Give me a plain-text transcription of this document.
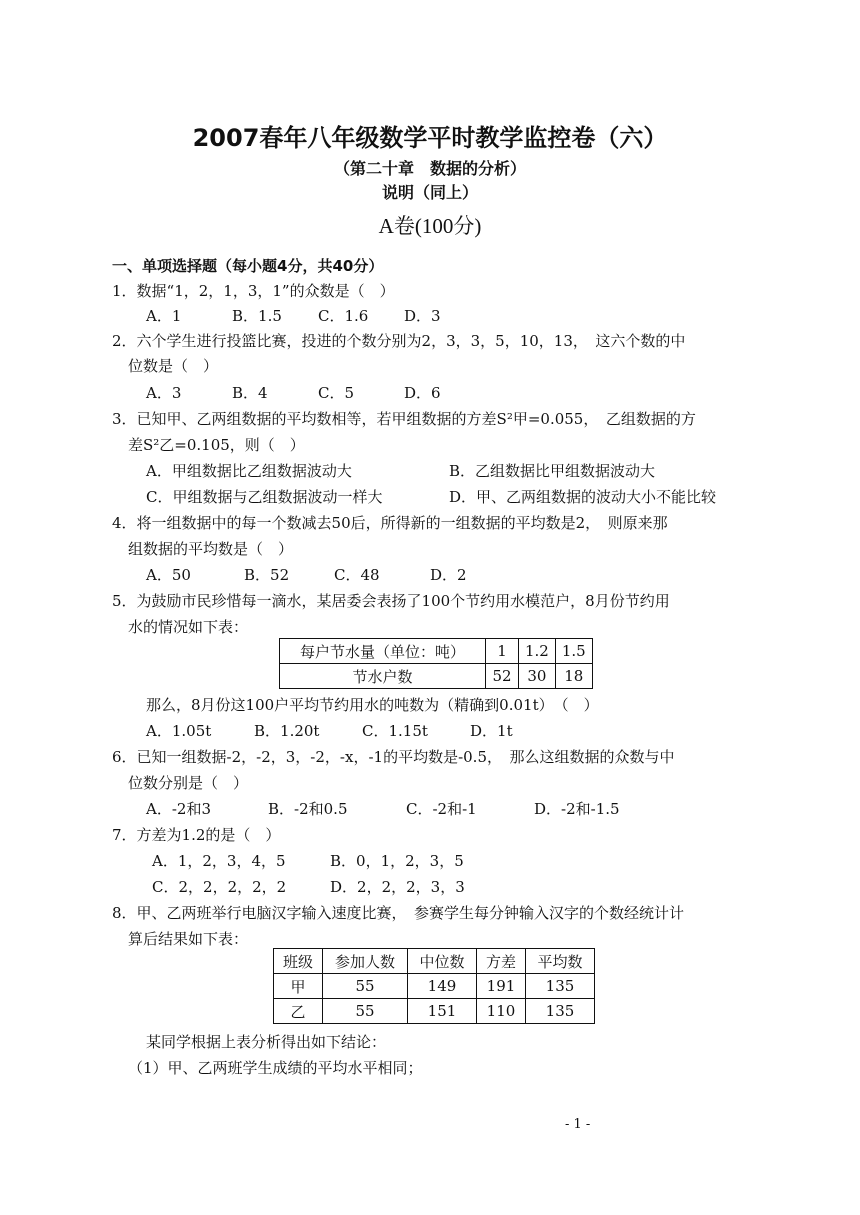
2007春年八年级数学平时教学监控卷（六）
（第二十章　数据的分析）
说明（同上）
A卷(100分)
一、单项选择题（每小题4分，共40分）
1．数据“1，2，1，3，1”的众数是（　）
A．1	B．1.5 C．1.6 D．3
2．六个学生进行投篮比赛，投进的个数分别为2，3，3，5，10，13，　这六个数的中
位数是（　）
A．3	B．4	C．5	D．6
3．已知甲、乙两组数据的平均数相等，若甲组数据的方差S²甲=0.055，　乙组数据的方
差S²乙=0.105，则（　）
A．甲组数据比乙组数据波动大	B．乙组数据比甲组数据波动大
C．甲组数据与乙组数据波动一样大	D．甲、乙两组数据的波动大小不能比较
4．将一组数据中的每一个数减去50后，所得新的一组数据的平均数是2，　则原来那
组数据的平均数是（　）
A．50	B．52	C．48	D．2
5．为鼓励市民珍惜每一滴水，某居委会表扬了100个节约用水模范户，8月份节约用
水的情况如下表：
每户节水量（单位：吨）	1	1.2	1.5
节水户数	52	30	18
那么，8月份这100户平均节约用水的吨数为（精确到0.01t）　（　）
A．1.05t	B．1.20t	C．1.15t	D．1t
6．已知一组数据-2，-2，3，-2，-x，-1的平均数是-0.5，　那么这组数据的众数与中
位数分别是（　）
A．-2和3	B．-2和0.5	C．-2和-1	D．-2和-1.5
7．方差为1.2的是（　）
A．1，2，3，4，5	B．0，1，2，3，5
C．2，2，2，2，2	D．2，2，2，3，3
8．甲、乙两班举行电脑汉字输入速度比赛，　参赛学生每分钟输入汉字的个数经统计计
算后结果如下表：
班级	参加人数	中位数	方差	平均数
甲	55	149	191	135
乙	55	151	110	135
某同学根据上表分析得出如下结论：
（1）甲、乙两班学生成绩的平均水平相同；
- 1 -
